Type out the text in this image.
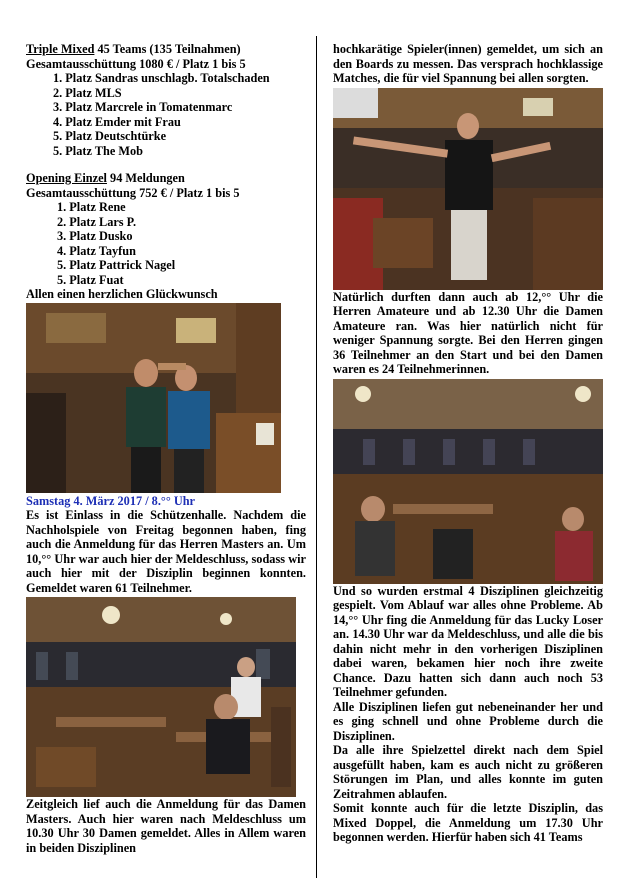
Triple Mixed 45 Teams (135 Teilnahmen)
Gesamtausschüttung 1080 € / Platz 1 bis 5
1. Platz Sandras unschlagb. Totalschaden
2. Platz MLS
3. Platz Marcrele in Tomatenmarc
4. Platz Emder mit Frau
5. Platz Deutschtürke
5. Platz The Mob
Opening Einzel 94 Meldungen
Gesamtausschüttung 752 € / Platz 1 bis 5
1. Platz Rene
2. Platz Lars P.
3. Platz Dusko
4. Platz Tayfun
5. Platz Pattrick Nagel
5. Platz Fuat
Allen einen herzlichen Glückwunsch
Samstag 4. März 2017 / 8.°° Uhr
Es ist Einlass in die Schützenhalle. Nachdem die Nachholspiele von Freitag begonnen haben, fing auch die Anmeldung für das Herren Masters an. Um 10,°° Uhr war auch hier der Meldeschluss, sodass wir auch hier mit der Disziplin beginnen konnten. Gemeldet waren 61 Teilnehmer.
Zeitgleich lief auch die Anmeldung für das Damen Masters. Auch hier waren nach Meldeschluss um 10.30 Uhr 30 Damen gemeldet. Alles in Allem waren in beiden Disziplinen
hochkarätige Spieler(innen) gemeldet, um sich an den Boards zu messen. Das versprach hochklassige Matches, die für viel Spannung bei allen sorgten.
Natürlich durften dann auch ab 12,°° Uhr die Herren Amateure und ab 12.30 Uhr die Damen Amateure ran. Was hier natürlich nicht für weniger Spannung sorgte. Bei den Herren gingen 36 Teilnehmer an den Start und bei den Damen waren es 24 Teilnehmerinnen.
Und so wurden erstmal 4 Disziplinen gleichzeitig gespielt. Vom Ablauf war alles ohne Probleme. Ab 14,°° Uhr fing die Anmeldung für das Lucky Loser an. 14.30 Uhr war da Meldeschluss, und alle die bis dahin nicht mehr in den vorherigen Disziplinen dabei waren, bekamen hier noch ihre zweite Chance. Dazu hatten sich dann auch noch 53 Teilnehmer gefunden.
Alle Disziplinen liefen gut nebeneinander her und es ging schnell und ohne Probleme durch die Disziplinen.
Da alle ihre Spielzettel direkt nach dem Spiel ausgefüllt haben, kam es auch nicht zu größeren Störungen im Plan, und alles konnte im guten Zeitrahmen ablaufen.
Somit konnte auch für die letzte Disziplin, das Mixed Doppel, die Anmeldung um 17.30 Uhr begonnen werden. Hierfür haben sich 41 Teams
